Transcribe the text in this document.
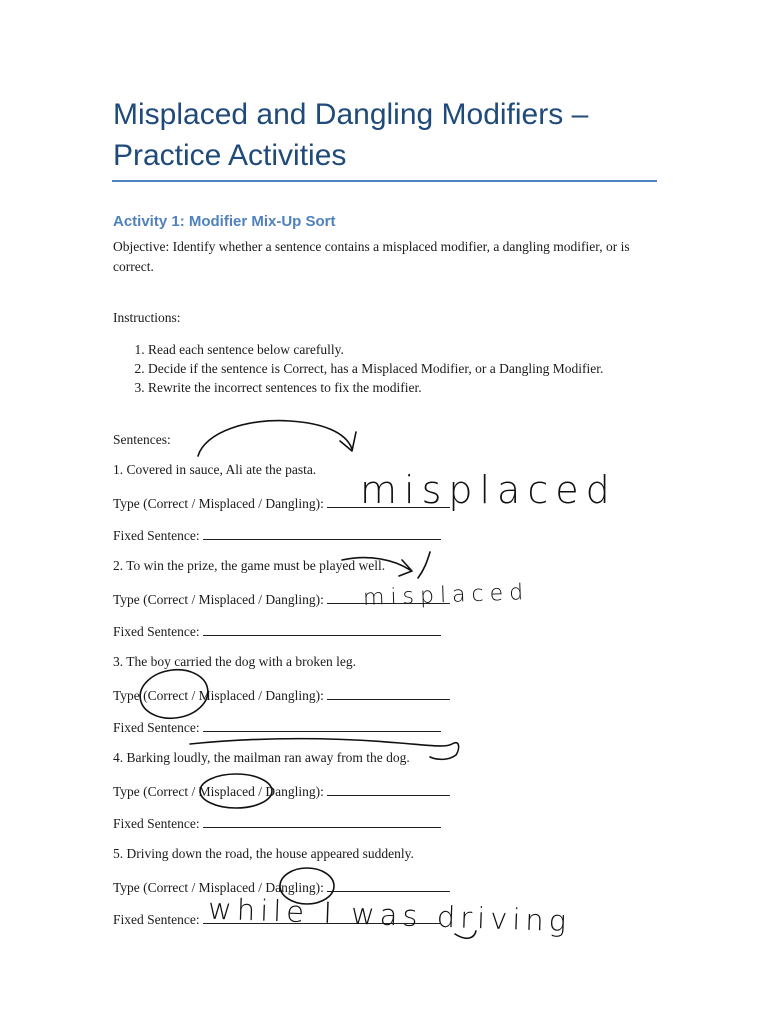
Misplaced and Dangling Modifiers – Practice Activities
Activity 1: Modifier Mix-Up Sort
Objective: Identify whether a sentence contains a misplaced modifier, a dangling modifier, or is correct.
Instructions:
1. Read each sentence below carefully.
2. Decide if the sentence is Correct, has a Misplaced Modifier, or a Dangling Modifier.
3. Rewrite the incorrect sentences to fix the modifier.
Sentences:
1. Covered in sauce, Ali ate the pasta.
Type (Correct / Misplaced / Dangling):
Fixed Sentence:
2. To win the prize, the game must be played well.
Type (Correct / Misplaced / Dangling):
Fixed Sentence:
3. The boy carried the dog with a broken leg.
Type (Correct / Misplaced / Dangling):
Fixed Sentence:
4. Barking loudly, the mailman ran away from the dog.
Type (Correct / Misplaced / Dangling):
Fixed Sentence:
5. Driving down the road, the house appeared suddenly.
Type (Correct / Misplaced / Dangling):
Fixed Sentence:
misplaced
misplaced
while I was driving
